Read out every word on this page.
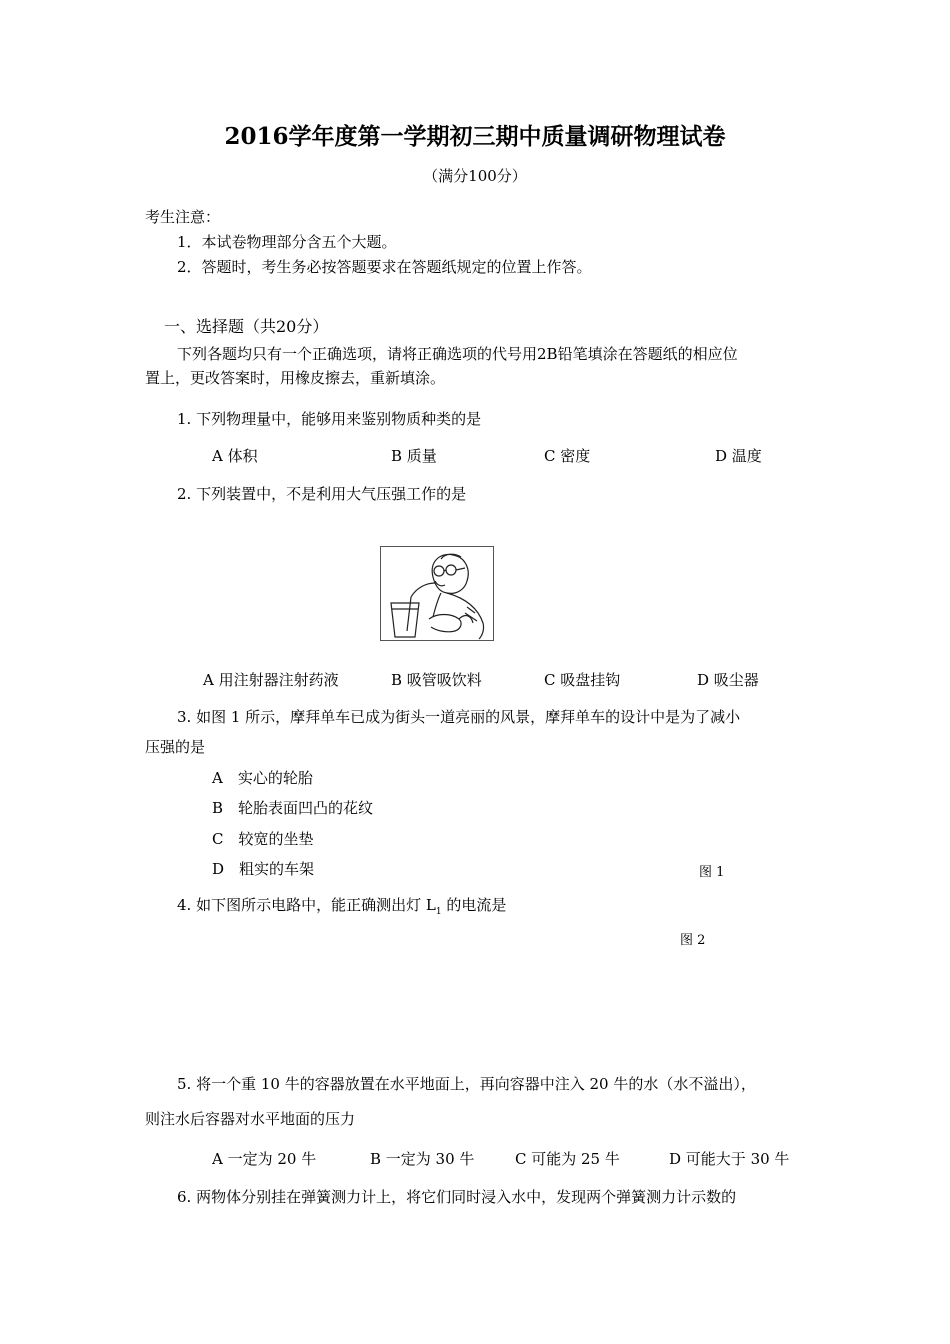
2016学年度第一学期初三期中质量调研物理试卷
（满分100分）
考生注意：
1．本试卷物理部分含五个大题。
2．答题时，考生务必按答题要求在答题纸规定的位置上作答。
一、选择题（共20分）
下列各题均只有一个正确选项，请将正确选项的代号用2B铅笔填涂在答题纸的相应位
置上，更改答案时，用橡皮擦去，重新填涂。
1. 下列物理量中，能够用来鉴别物质种类的是
A 体积	B 质量	C 密度	D 温度
2. 下列装置中，不是利用大气压强工作的是
A 用注射器注射药液	B 吸管吸饮料	C 吸盘挂钩	D 吸尘器
3. 如图 1 所示，摩拜单车已成为街头一道亮丽的风景，摩拜单车的设计中是为了减小
压强的是
A　实心的轮胎
B　轮胎表面凹凸的花纹
C　较宽的坐垫
D　粗实的车架	图 1
4. 如下图所示电路中，能正确测出灯 $L_1$ 的电流是
图 2
5. 将一个重 10 牛的容器放置在水平地面上，再向容器中注入 20 牛的水（水不溢出），
则注水后容器对水平地面的压力
A 一定为 20 牛	B 一定为 30 牛	C 可能为 25 牛	D 可能大于 30 牛
6. 两物体分别挂在弹簧测力计上，将它们同时浸入水中，发现两个弹簧测力计示数的
